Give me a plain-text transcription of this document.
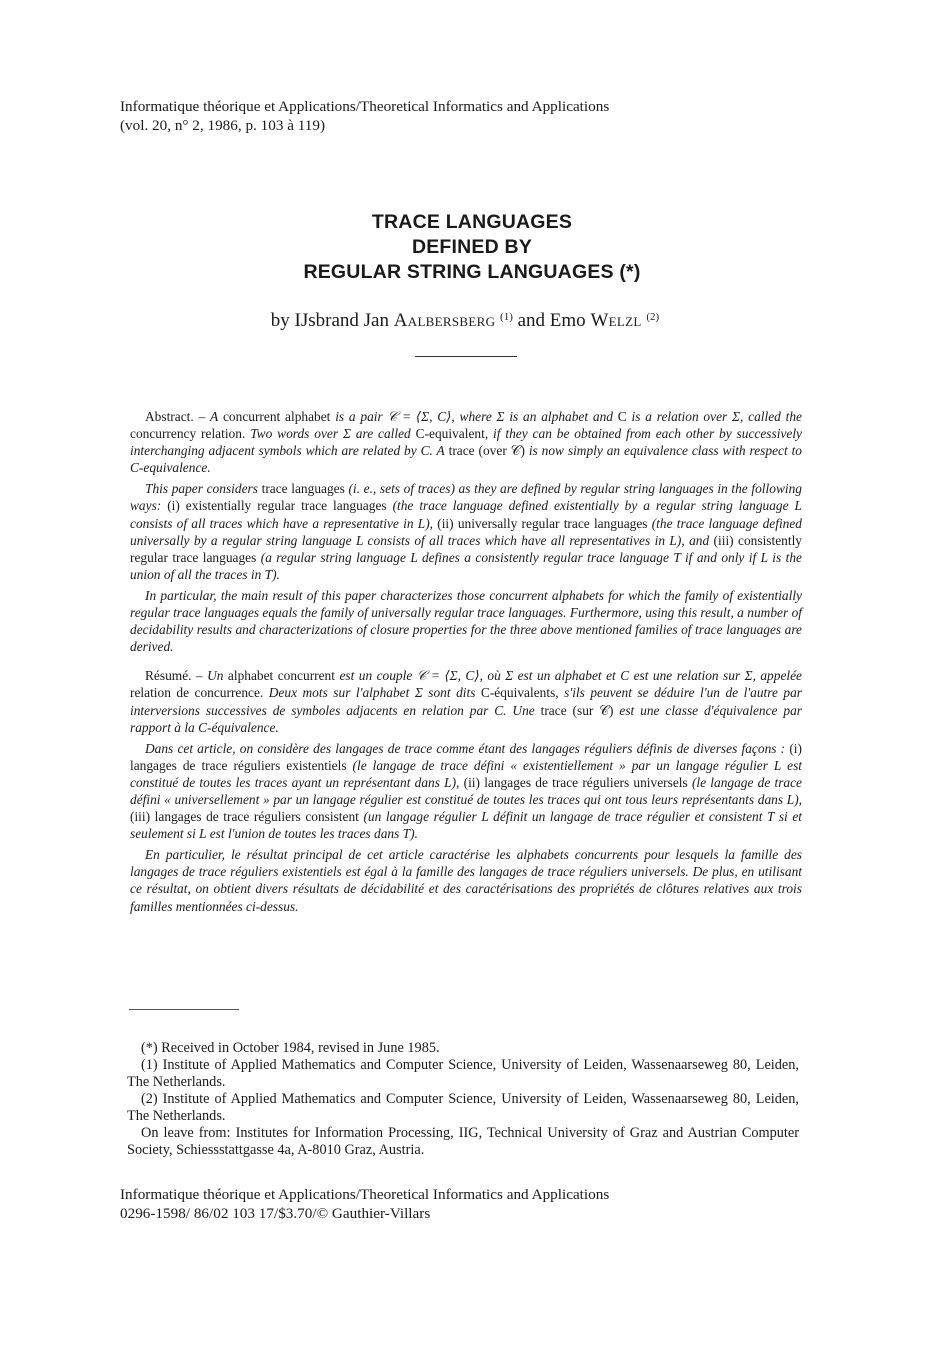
Informatique théorique et Applications/Theoretical Informatics and Applications
(vol. 20, n° 2, 1986, p. 103 à 119)
TRACE LANGUAGES
DEFINED BY
REGULAR STRING LANGUAGES (*)
by IJsbrand Jan Aalbersberg $^{(1)}$ and Emo Welzl $^{(2)}$

Abstract. – A concurrent alphabet is a pair 𝒞 = ⟨Σ, C⟩, where Σ is an alphabet and C is a relation over Σ, called the concurrency relation. Two words over Σ are called C-equivalent, if they can be obtained from each other by successively interchanging adjacent symbols which are related by C. A trace (over 𝒞) is now simply an equivalence class with respect to C-equivalence.

This paper considers trace languages (i. e., sets of traces) as they are defined by regular string languages in the following ways: (i) existentially regular trace languages (the trace language defined existentially by a regular string language L consists of all traces which have a representative in L), (ii) universally regular trace languages (the trace language defined universally by a regular string language L consists of all traces which have all representatives in L), and (iii) consistently regular trace languages (a regular string language L defines a consistently regular trace language T if and only if L is the union of all the traces in T).

In particular, the main result of this paper characterizes those concurrent alphabets for which the family of existentially regular trace languages equals the family of universally regular trace languages. Furthermore, using this result, a number of decidability results and characterizations of closure properties for the three above mentioned families of trace languages are derived.

Résumé. – Un alphabet concurrent est un couple 𝒞 = ⟨Σ, C⟩, où Σ est un alphabet et C est une relation sur Σ, appelée relation de concurrence. Deux mots sur l'alphabet Σ sont dits C-équivalents, s'ils peuvent se déduire l'un de l'autre par interversions successives de symboles adjacents en relation par C. Une trace (sur 𝒞) est une classe d'équivalence par rapport à la C-équivalence.

Dans cet article, on considère des langages de trace comme étant des langages réguliers définis de diverses façons : (i) langages de trace réguliers existentiels (le langage de trace défini « existentiellement » par un langage régulier L est constitué de toutes les traces ayant un représentant dans L), (ii) langages de trace réguliers universels (le langage de trace défini « universellement » par un langage régulier est constitué de toutes les traces qui ont tous leurs représentants dans L), (iii) langages de trace réguliers consistent (un langage régulier L définit un langage de trace régulier et consistent T si et seulement si L est l'union de toutes les traces dans T).

En particulier, le résultat principal de cet article caractérise les alphabets concurrents pour lesquels la famille des langages de trace réguliers existentiels est égal à la famille des langages de trace réguliers universels. De plus, en utilisant ce résultat, on obtient divers résultats de décidabilité et des caractérisations des propriétés de clôtures relatives aux trois familles mentionnées ci-dessus.

(*) Received in October 1984, revised in June 1985.

(1) Institute of Applied Mathematics and Computer Science, University of Leiden, Wassenaarseweg 80, Leiden, The Netherlands.

(2) Institute of Applied Mathematics and Computer Science, University of Leiden, Wassenaarseweg 80, Leiden, The Netherlands.

On leave from: Institutes for Information Processing, IIG, Technical University of Graz and Austrian Computer Society, Schiessstattgasse 4a, A-8010 Graz, Austria.

Informatique théorique et Applications/Theoretical Informatics and Applications
0296-1598/ 86/02 103 17/$3.70/© Gauthier-Villars
